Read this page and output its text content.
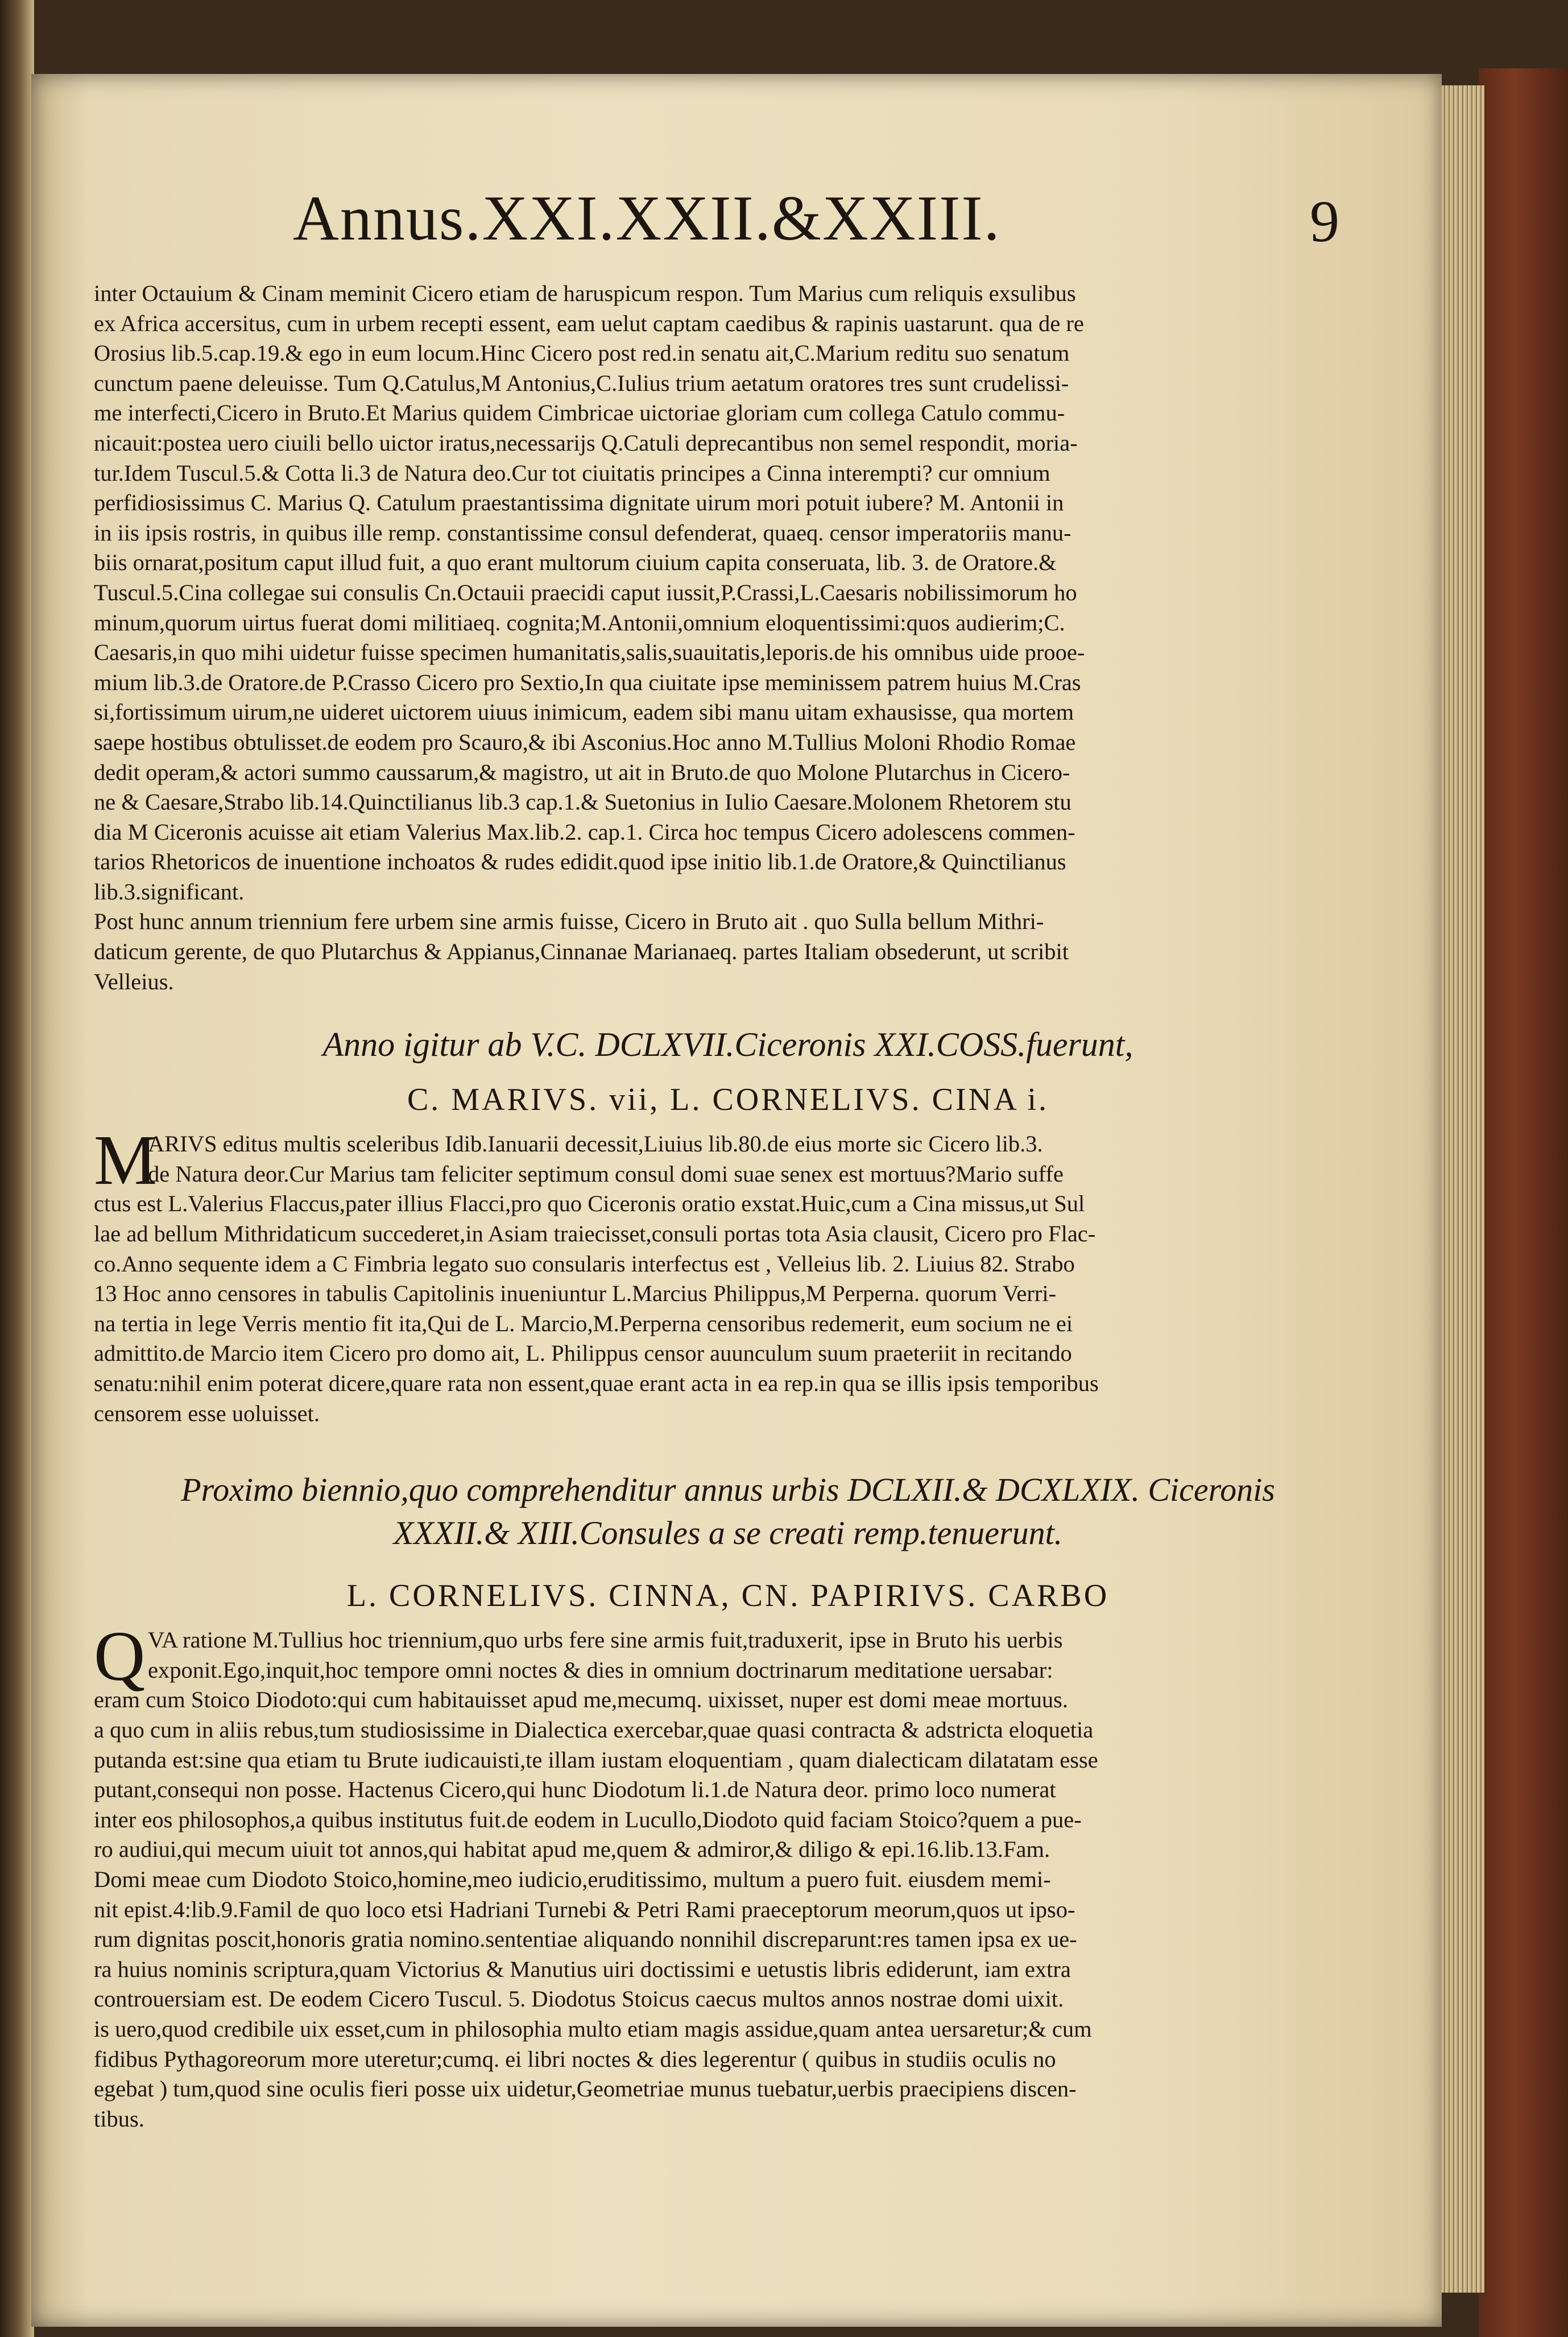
Annus.XXI.XXII.&XXIII.	9
inter Octauium & Cinam meminit Cicero etiam de haruspicum respon. Tum Marius cum reliquis exsulibus
ex Africa accersitus, cum in urbem recepti essent, eam uelut captam caedibus & rapinis uastarunt. qua de re
Orosius lib.5.cap.19.& ego in eum locum.Hinc Cicero post red.in senatu ait,C.Marium reditu suo senatum
cunctum paene deleuisse. Tum Q.Catulus,M Antonius,C.Iulius trium aetatum oratores tres sunt crudelissi-
me interfecti,Cicero in Bruto.Et Marius quidem Cimbricae uictoriae gloriam cum collega Catulo commu-
nicauit:postea uero ciuili bello uictor iratus,necessarijs Q.Catuli deprecantibus non semel respondit, moria-
tur.Idem Tuscul.5.& Cotta li.3 de Natura deo.Cur tot ciuitatis principes a Cinna interempti? cur omnium
perfidiosissimus C. Marius Q. Catulum praestantissima dignitate uirum mori potuit iubere? M. Antonii in
in iis ipsis rostris, in quibus ille remp. constantissime consul defenderat, quaeq. censor imperatoriis manu-
biis ornarat,positum caput illud fuit, a quo erant multorum ciuium capita conseruata, lib. 3. de Oratore.&
Tuscul.5.Cina collegae sui consulis Cn.Octauii praecidi caput iussit,P.Crassi,L.Caesaris nobilissimorum ho
minum,quorum uirtus fuerat domi militiaeq. cognita;M.Antonii,omnium eloquentissimi:quos audierim;C.
Caesaris,in quo mihi uidetur fuisse specimen humanitatis,salis,suauitatis,leporis.de his omnibus uide prooe-
mium lib.3.de Oratore.de P.Crasso Cicero pro Sextio,In qua ciuitate ipse meminissem patrem huius M.Cras
si,fortissimum uirum,ne uideret uictorem uiuus inimicum, eadem sibi manu uitam exhausisse, qua mortem
saepe hostibus obtulisset.de eodem pro Scauro,& ibi Asconius.Hoc anno M.Tullius Moloni Rhodio Romae
dedit operam,& actori summo caussarum,& magistro, ut ait in Bruto.de quo Molone Plutarchus in Cicero-
ne & Caesare,Strabo lib.14.Quinctilianus lib.3 cap.1.& Suetonius in Iulio Caesare.Molonem Rhetorem stu
dia M Ciceronis acuisse ait etiam Valerius Max.lib.2. cap.1. Circa hoc tempus Cicero adolescens commen-
tarios Rhetoricos de inuentione inchoatos & rudes edidit.quod ipse initio lib.1.de Oratore,& Quinctilianus
lib.3.significant.
Post hunc annum triennium fere urbem sine armis fuisse, Cicero in Bruto ait . quo Sulla bellum Mithri-
daticum gerente, de quo Plutarchus & Appianus,Cinnanae Marianaeq. partes Italiam obsederunt, ut scribit
Velleius.
Anno igitur ab V.C. DCLXVII.Ciceronis XXI.COSS.fuerunt,
C. MARIVS. vii, L. CORNELIVS. CINA i.
M
ARIVS editus multis sceleribus Idib.Ianuarii decessit,Liuius lib.80.de eius morte sic Cicero lib.3.
de Natura deor.Cur Marius tam feliciter septimum consul domi suae senex est mortuus?Mario suffe
ctus est L.Valerius Flaccus,pater illius Flacci,pro quo Ciceronis oratio exstat.Huic,cum a Cina missus,ut Sul
lae ad bellum Mithridaticum succederet,in Asiam traiecisset,consuli portas tota Asia clausit, Cicero pro Flac-
co.Anno sequente idem a C Fimbria legato suo consularis interfectus est , Velleius lib. 2. Liuius 82. Strabo
13 Hoc anno censores in tabulis Capitolinis inueniuntur L.Marcius Philippus,M Perperna. quorum Verri-
na tertia in lege Verris mentio fit ita,Qui de L. Marcio,M.Perperna censoribus redemerit, eum socium ne ei
admittito.de Marcio item Cicero pro domo ait, L. Philippus censor auunculum suum praeteriit in recitando
senatu:nihil enim poterat dicere,quare rata non essent,quae erant acta in ea rep.in qua se illis ipsis temporibus
censorem esse uoluisset.
Proximo biennio,quo comprehenditur annus urbis DCLXII.& DCXLXIX. Ciceronis
XXXII.& XIII.Consules a se creati remp.tenuerunt.
L. CORNELIVS. CINNA, CN. PAPIRIVS. CARBO
Q VA ratione M.Tullius hoc triennium,quo urbs fere sine armis fuit,traduxerit, ipse in Bruto his uerbis
exponit.Ego,inquit,hoc tempore omni noctes & dies in omnium doctrinarum meditatione uersabar:
eram cum Stoico Diodoto:qui cum habitauisset apud me,mecumq. uixisset, nuper est domi meae mortuus.
a quo cum in aliis rebus,tum studiosissime in Dialectica exercebar,quae quasi contracta & adstricta eloquetia
putanda est:sine qua etiam tu Brute iudicauisti,te illam iustam eloquentiam , quam dialecticam dilatatam esse
putant,consequi non posse. Hactenus Cicero,qui hunc Diodotum li.1.de Natura deor. primo loco numerat
inter eos philosophos,a quibus institutus fuit.de eodem in Lucullo,Diodoto quid faciam Stoico?quem a pue-
ro audiui,qui mecum uiuit tot annos,qui habitat apud me,quem & admiror,& diligo & epi.16.lib.13.Fam.
Domi meae cum Diodoto Stoico,homine,meo iudicio,eruditissimo, multum a puero fuit. eiusdem memi-
nit epist.4:lib.9.Famil de quo loco etsi Hadriani Turnebi & Petri Rami praeceptorum meorum,quos ut ipso-
rum dignitas poscit,honoris gratia nomino.sententiae aliquando nonnihil discreparunt:res tamen ipsa ex ue-
ra huius nominis scriptura,quam Victorius & Manutius uiri doctissimi e uetustis libris ediderunt, iam extra
controuersiam est. De eodem Cicero Tuscul. 5. Diodotus Stoicus caecus multos annos nostrae domi uixit.
is uero,quod credibile uix esset,cum in philosophia multo etiam magis assidue,quam antea uersaretur;& cum
fidibus Pythagoreorum more uteretur;cumq. ei libri noctes & dies legerentur ( quibus in studiis oculis no
egebat ) tum,quod sine oculis fieri posse uix uidetur,Geometriae munus tuebatur,uerbis praecipiens discen-
tibus.
